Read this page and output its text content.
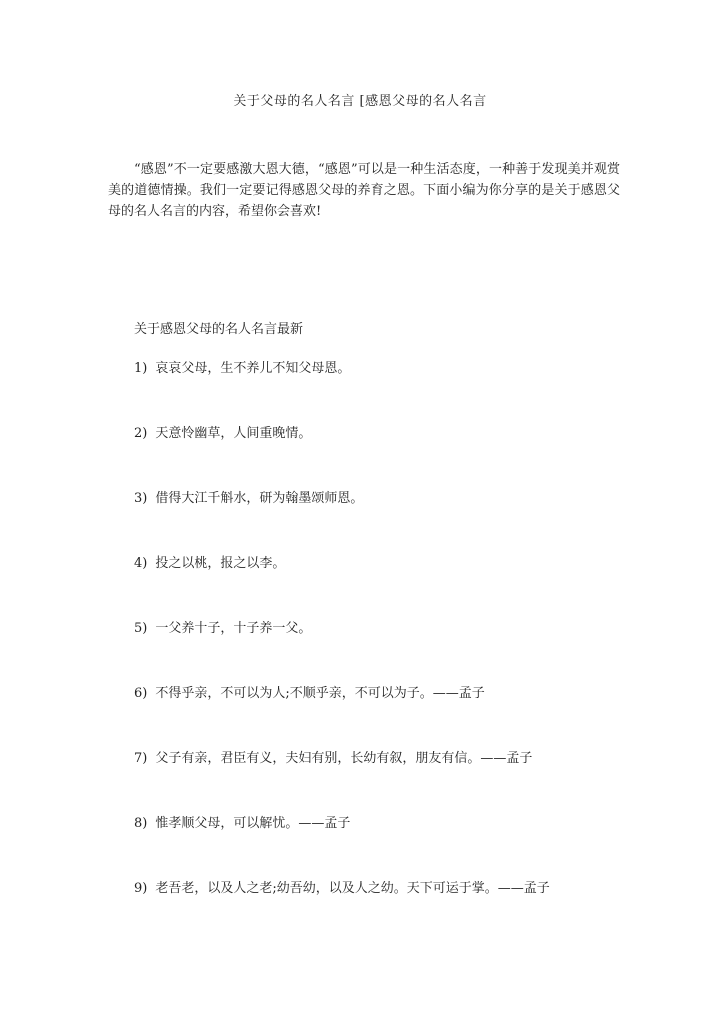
关于父母的名人名言 [感恩父母的名人名言

“感恩”不一定要感激大恩大德，“感恩”可以是一种生活态度，一种善于发现美并观赏美的道德情操。我们一定要记得感恩父母的养育之恩。下面小编为你分享的是关于感恩父母的名人名言的内容，希望你会喜欢!

关于感恩父母的名人名言最新
1) 哀哀父母，生不养儿不知父母恩。
2) 天意怜幽草，人间重晚情。
3) 借得大江千斛水，研为翰墨颂师恩。
4) 投之以桃，报之以李。
5) 一父养十子，十子养一父。
6) 不得乎亲，不可以为人;不顺乎亲，不可以为子。——孟子
7) 父子有亲，君臣有义，夫妇有别，长幼有叙，朋友有信。——孟子
8) 惟孝顺父母，可以解忧。——孟子
9) 老吾老，以及人之老;幼吾幼，以及人之幼。天下可运于掌。——孟子
